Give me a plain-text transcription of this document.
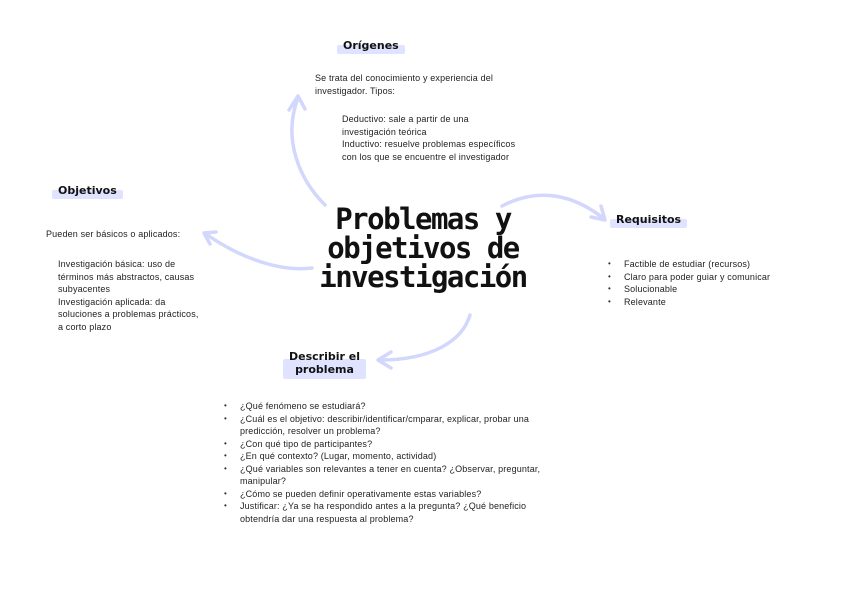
Problemas y
objetivos de
investigación
Orígenes
Se trata del conocimiento y experiencia del
investigador. Tipos:
Deductivo: sale a partir de una
investigación teórica
Inductivo: resuelve problemas específicos
con los que se encuentre el investigador
Objetivos
Pueden ser básicos o aplicados:
Investigación básica: uso de
términos más abstractos, causas
subyacentes
Investigación aplicada: da
soluciones a problemas prácticos,
a corto plazo
Requisitos
• Factible de estudiar (recursos)
• Claro para poder guiar y comunicar
• Solucionable
• Relevante
Describir el
problema
• ¿Qué fenómeno se estudiará?
• ¿Cuál es el objetivo: describir/identificar/cmparar, explicar, probar una
predicción, resolver un problema?
• ¿Con qué tipo de participantes?
• ¿En qué contexto? (Lugar, momento, actividad)
• ¿Qué variables son relevantes a tener en cuenta? ¿Observar, preguntar,
manipular?
• ¿Cómo se pueden definir operativamente estas variables?
• Justificar: ¿Ya se ha respondido antes a la pregunta? ¿Qué beneficio
obtendría dar una respuesta al problema?
